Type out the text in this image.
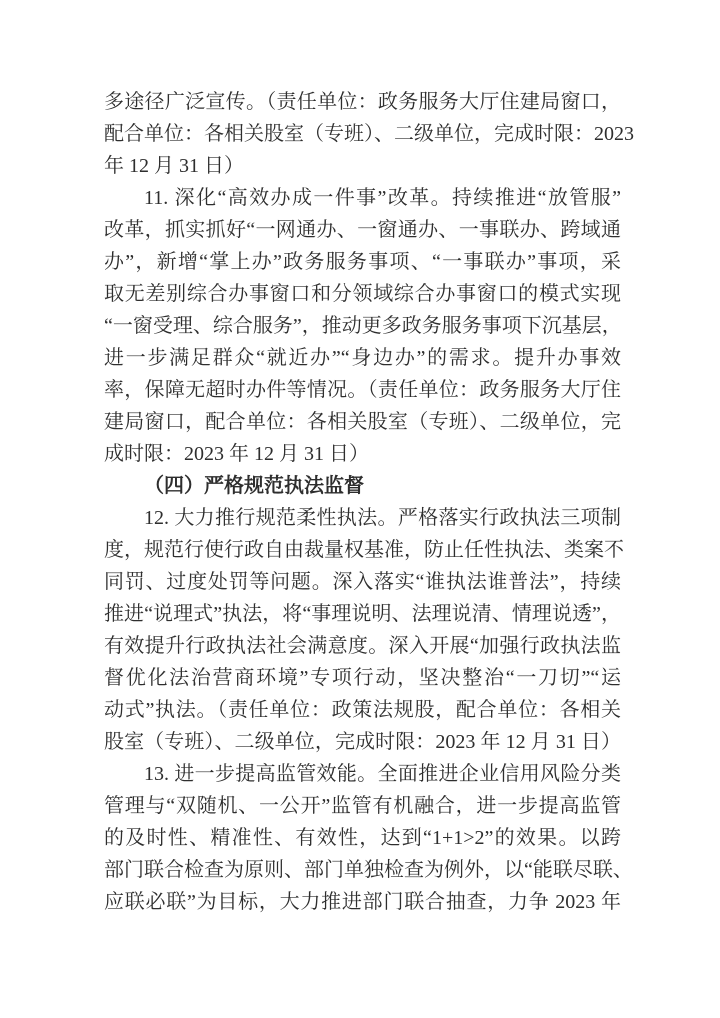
多途径广泛宣传。（责任单位：政务服务大厅住建局窗口，
配合单位：各相关股室（专班）、二级单位，完成时限：2023
年 12 月 31 日）
11. 深化“高效办成一件事”改革。持续推进“放管服”
改革，抓实抓好“一网通办、一窗通办、一事联办、跨域通
办”，新增“掌上办”政务服务事项、“一事联办”事项，采
取无差别综合办事窗口和分领域综合办事窗口的模式实现
“一窗受理、综合服务”，推动更多政务服务事项下沉基层，
进一步满足群众“就近办”“身边办”的需求。提升办事效
率，保障无超时办件等情况。（责任单位：政务服务大厅住
建局窗口，配合单位：各相关股室（专班）、二级单位，完
成时限：2023 年 12 月 31 日）
（四）严格规范执法监督
12. 大力推行规范柔性执法。严格落实行政执法三项制
度，规范行使行政自由裁量权基准，防止任性执法、类案不
同罚、过度处罚等问题。深入落实“谁执法谁普法”，持续
推进“说理式”执法，将“事理说明、法理说清、情理说透”，
有效提升行政执法社会满意度。深入开展“加强行政执法监
督优化法治营商环境”专项行动，坚决整治“一刀切”“运
动式”执法。（责任单位：政策法规股，配合单位：各相关
股室（专班）、二级单位，完成时限：2023 年 12 月 31 日）
13. 进一步提高监管效能。全面推进企业信用风险分类
管理与“双随机、一公开”监管有机融合，进一步提高监管
的及时性、精准性、有效性，达到“1+1>2”的效果。以跨
部门联合检查为原则、部门单独检查为例外，以“能联尽联、
应联必联”为目标，大力推进部门联合抽查，力争 2023 年
